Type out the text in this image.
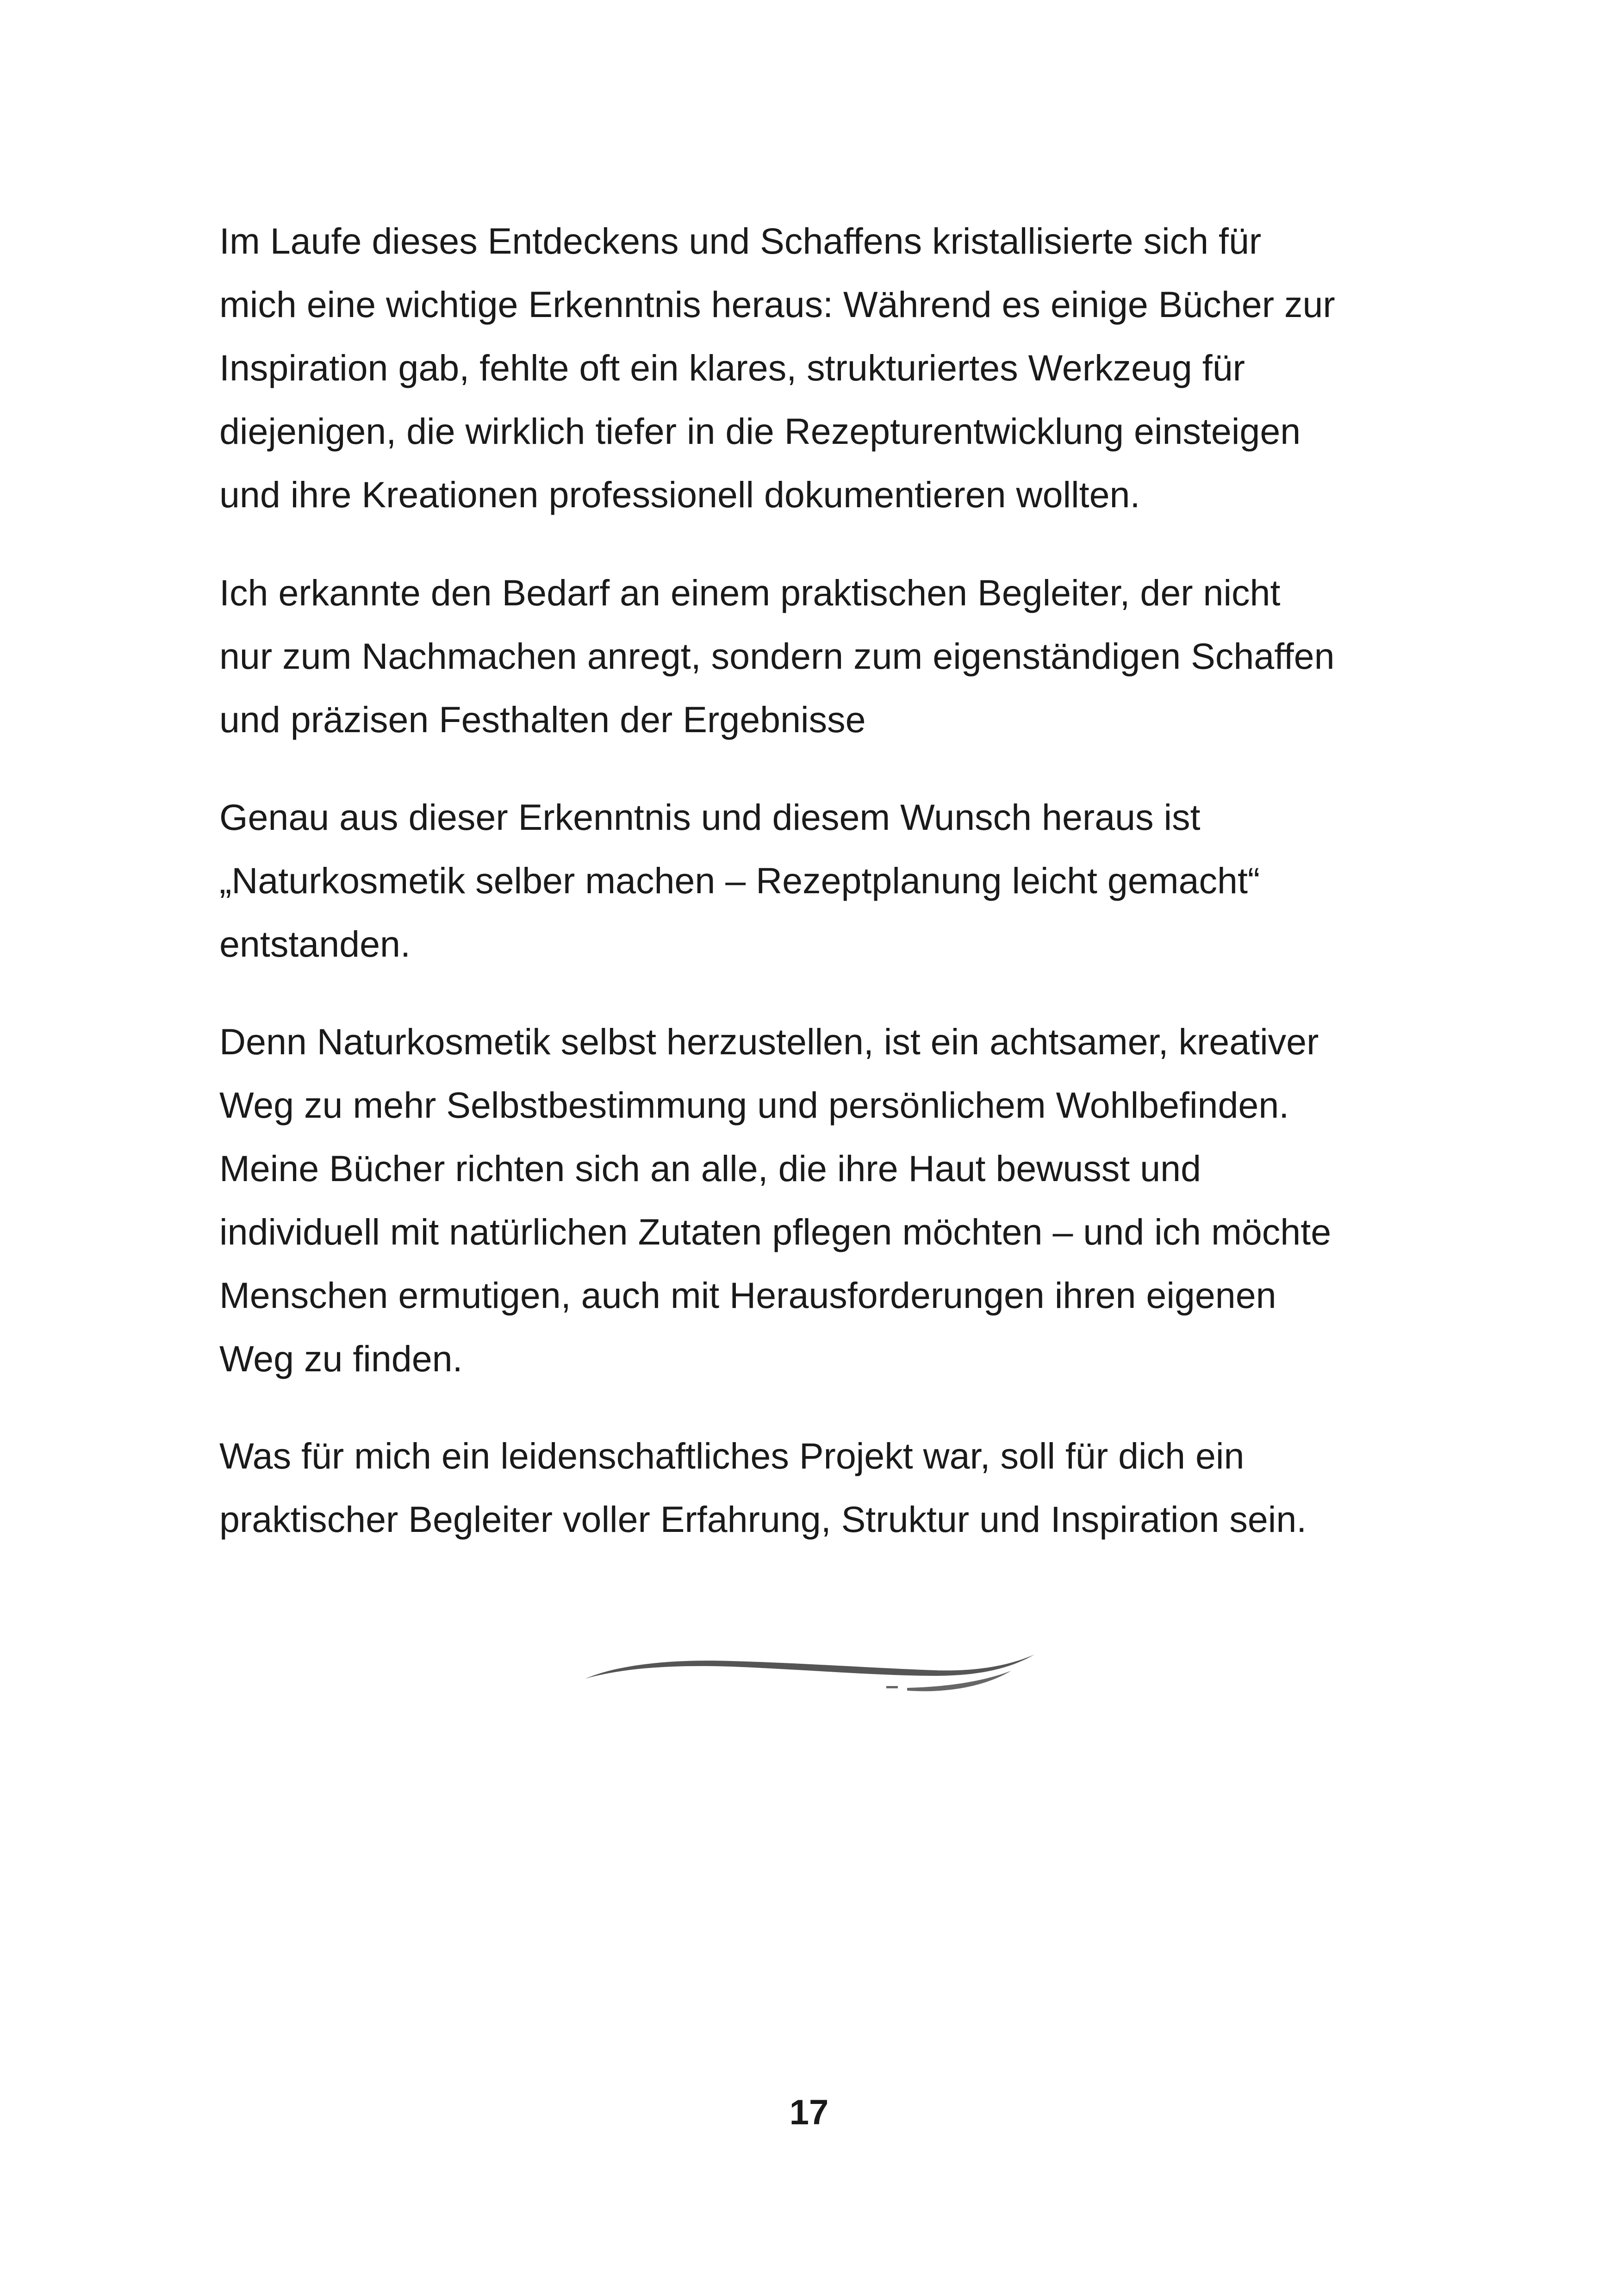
Im Laufe dieses Entdeckens und Schaffens kristallisierte sich für
mich eine wichtige Erkenntnis heraus: Während es einige Bücher zur
Inspiration gab, fehlte oft ein klares, strukturiertes Werkzeug für
diejenigen, die wirklich tiefer in die Rezepturentwicklung einsteigen
und ihre Kreationen professionell dokumentieren wollten.

Ich erkannte den Bedarf an einem praktischen Begleiter, der nicht
nur zum Nachmachen anregt, sondern zum eigenständigen Schaffen
und präzisen Festhalten der Ergebnisse

Genau aus dieser Erkenntnis und diesem Wunsch heraus ist
„Naturkosmetik selber machen – Rezeptplanung leicht gemacht“
entstanden.

Denn Naturkosmetik selbst herzustellen, ist ein achtsamer, kreativer
Weg zu mehr Selbstbestimmung und persönlichem Wohlbefinden.
Meine Bücher richten sich an alle, die ihre Haut bewusst und
individuell mit natürlichen Zutaten pflegen möchten – und ich möchte
Menschen ermutigen, auch mit Herausforderungen ihren eigenen
Weg zu finden.

Was für mich ein leidenschaftliches Projekt war, soll für dich ein
praktischer Begleiter voller Erfahrung, Struktur und Inspiration sein.

17
